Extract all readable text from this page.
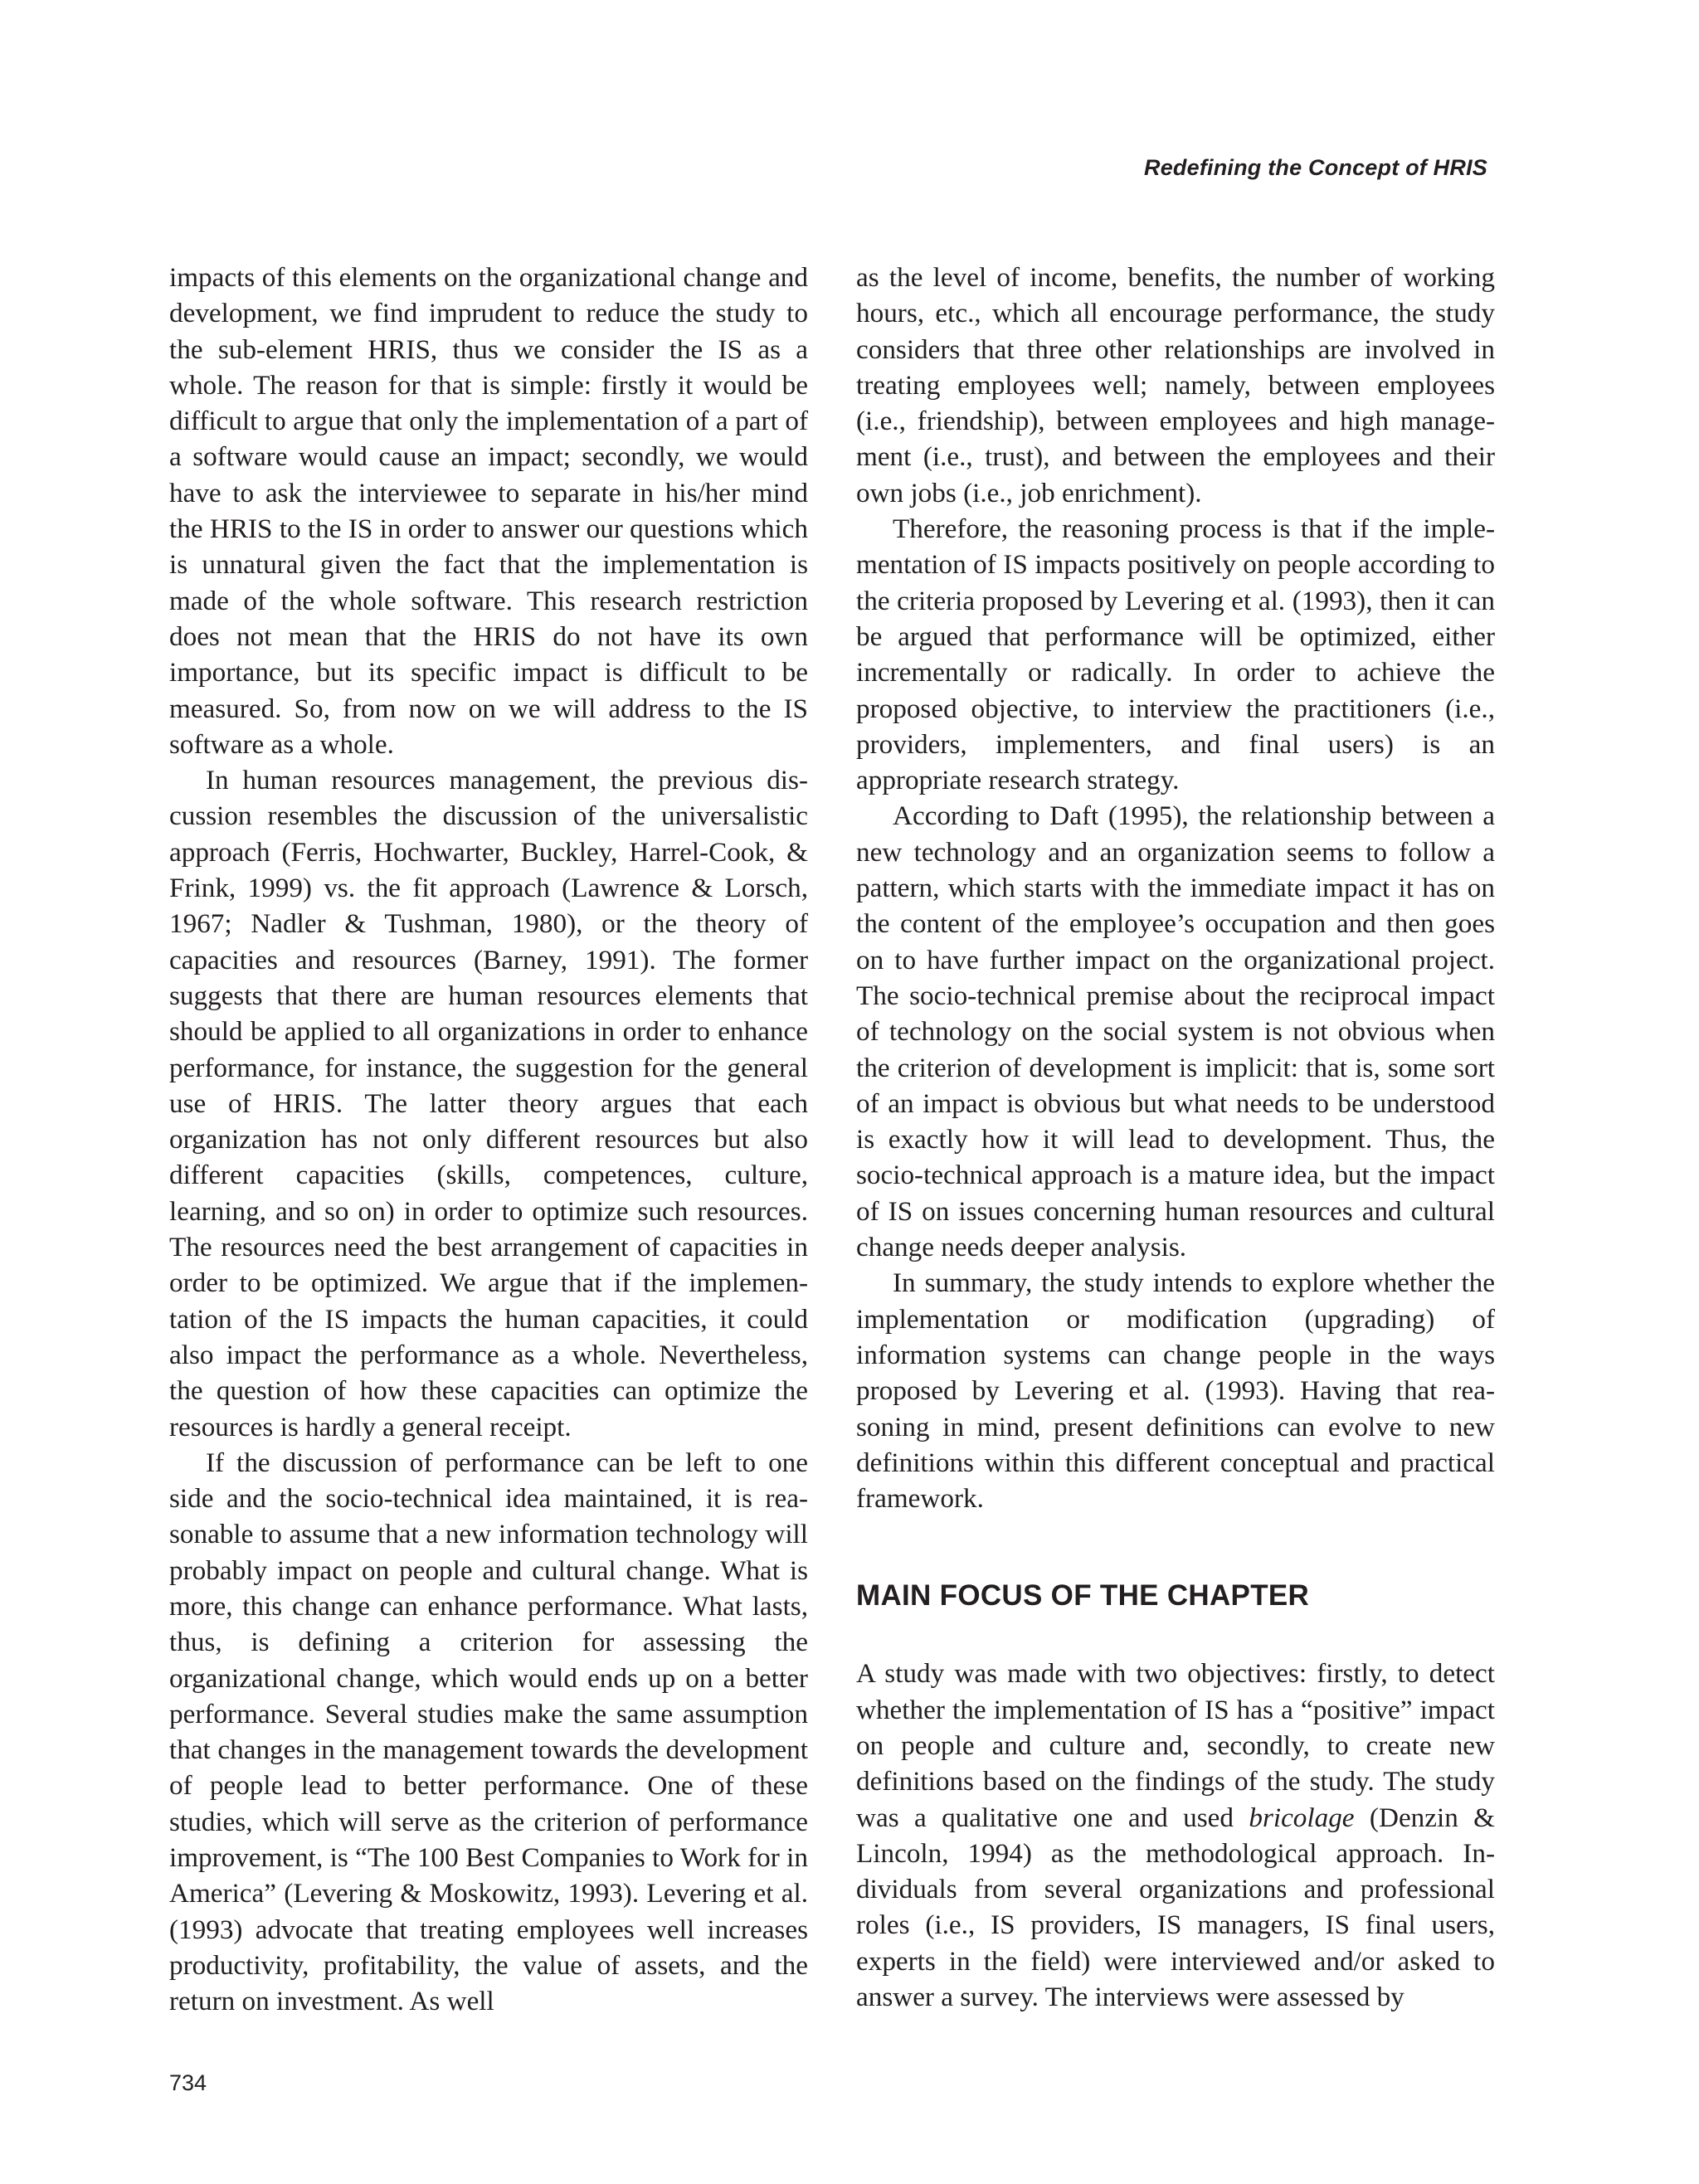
Redefining the Concept of HRIS

impacts of this elements on the organizational change and development, we find imprudent to reduce the study to the sub-element HRIS, thus we consider the IS as a whole. The reason for that is simple: firstly it would be difficult to argue that only the implementation of a part of a software would cause an impact; secondly, we would have to ask the interviewee to separate in his/her mind the HRIS to the IS in order to answer our questions which is unnatural given the fact that the implementation is made of the whole software. This research restriction does not mean that the HRIS do not have its own importance, but its specific impact is difficult to be measured. So, from now on we will address to the IS software as a whole.

In human resources management, the previous discussion resembles the discussion of the universalistic approach (Ferris, Hochwarter, Buckley, Harrel-Cook, & Frink, 1999) vs. the fit approach (Lawrence & Lorsch, 1967; Nadler & Tushman, 1980), or the theory of capacities and resources (Barney, 1991). The former suggests that there are human resources elements that should be applied to all organizations in order to enhance performance, for instance, the suggestion for the general use of HRIS. The latter theory argues that each organization has not only different resources but also different capacities (skills, competences, culture, learning, and so on) in order to optimize such resources. The resources need the best arrangement of capacities in order to be optimized. We argue that if the implementation of the IS impacts the human capacities, it could also impact the performance as a whole. Nevertheless, the question of how these capacities can optimize the resources is hardly a general receipt.

If the discussion of performance can be left to one side and the socio-technical idea maintained, it is reasonable to assume that a new information technology will probably impact on people and cultural change. What is more, this change can enhance performance. What lasts, thus, is defining a criterion for assessing the organizational change, which would ends up on a better performance. Several studies make the same assumption that changes in the management towards the development of people lead to better performance. One of these studies, which will serve as the criterion of performance improvement, is “The 100 Best Companies to Work for in America” (Levering & Moskowitz, 1993). Levering et al. (1993) advocate that treating employees well increases productivity, profitability, the value of assets, and the return on investment. As well

as the level of income, benefits, the number of working hours, etc., which all encourage performance, the study considers that three other relationships are involved in treating employees well; namely, between employees (i.e., friendship), between employees and high management (i.e., trust), and between the employees and their own jobs (i.e., job enrichment).

Therefore, the reasoning process is that if the implementation of IS impacts positively on people according to the criteria proposed by Levering et al. (1993), then it can be argued that performance will be optimized, either incrementally or radically. In order to achieve the proposed objective, to interview the practitioners (i.e., providers, implementers, and final users) is an appropriate research strategy.

According to Daft (1995), the relationship between a new technology and an organization seems to follow a pattern, which starts with the immediate impact it has on the content of the employee’s occupation and then goes on to have further impact on the organizational project. The socio-technical premise about the reciprocal impact of technology on the social system is not obvious when the criterion of development is implicit: that is, some sort of an impact is obvious but what needs to be understood is exactly how it will lead to development. Thus, the socio-technical approach is a mature idea, but the impact of IS on issues concerning human resources and cultural change needs deeper analysis.

In summary, the study intends to explore whether the implementation or modification (upgrading) of information systems can change people in the ways proposed by Levering et al. (1993). Having that reasoning in mind, present definitions can evolve to new definitions within this different conceptual and practical framework.

MAIN FOCUS OF THE CHAPTER

A study was made with two objectives: firstly, to detect whether the implementation of IS has a “positive” impact on people and culture and, secondly, to create new definitions based on the findings of the study. The study was a qualitative one and used bricolage (Denzin & Lincoln, 1994) as the methodological approach. Individuals from several organizations and professional roles (i.e., IS providers, IS managers, IS final users, experts in the field) were interviewed and/or asked to answer a survey. The interviews were assessed by

734
